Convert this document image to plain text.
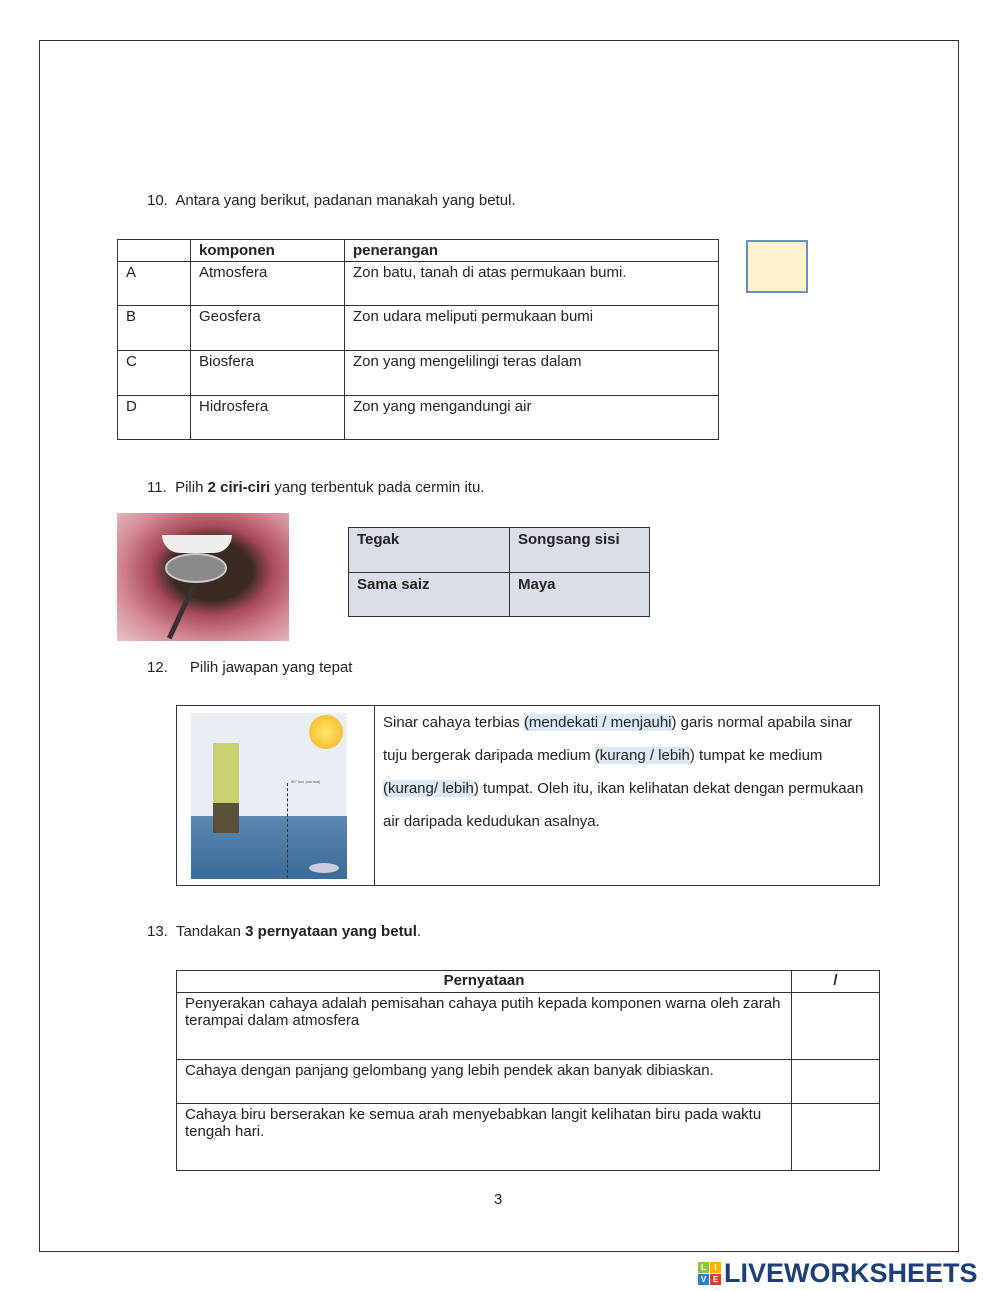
10. Antara yang berikut, padanan manakah yang betul.
	komponen	penerangan
A	Atmosfera	Zon batu, tanah di atas permukaan bumi.
B	Geosfera	Zon udara meliputi permukaan bumi
C	Biosfera	Zon yang mengelilingi teras dalam
D	Hidrosfera	Zon yang mengandungi air
11. Pilih 2 ciri-ciri yang terbentuk pada cermin itu.
Tegak	Songsang sisi
Sama saiz	Maya
12. Pilih jawapan yang tepat
90° line (normal)
Sinar cahaya terbias (mendekati / menjauhi) garis normal apabila sinar tuju bergerak daripada medium (kurang / lebih) tumpat ke medium (kurang/ lebih) tumpat. Oleh itu, ikan kelihatan dekat dengan permukaan air daripada kedudukan asalnya.
13. Tandakan 3 pernyataan yang betul.
Pernyataan	/
Penyerakan cahaya adalah pemisahan cahaya putih kepada komponen warna oleh zarah terampai dalam atmosfera	
Cahaya dengan panjang gelombang yang lebih pendek akan banyak dibiaskan.	
Cahaya biru berserakan ke semua arah menyebabkan langit kelihatan biru pada waktu tengah hari.	
3
L	I
V E LIVEWORKSHEETS
